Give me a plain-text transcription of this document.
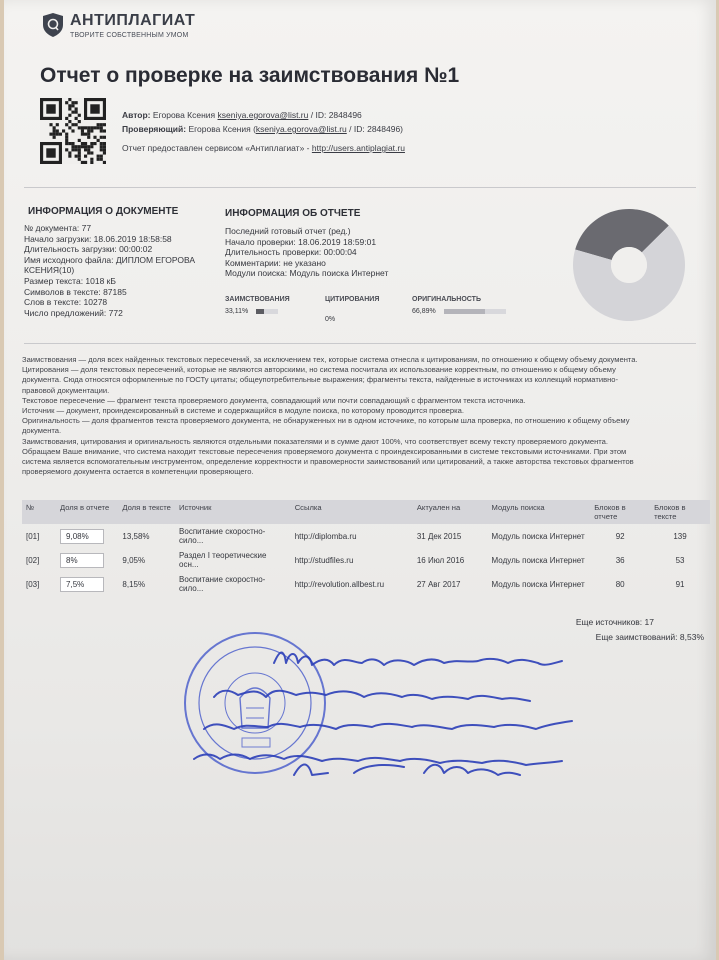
АНТИПЛАГИАТ
ТВОРИТЕ СОБСТВЕННЫМ УМОМ
Отчет о проверке на заимствования №1
Автор: Егорова Ксения kseniya.egorova@list.ru / ID: 2848496
Проверяющий: Егорова Ксения (kseniya.egorova@list.ru / ID: 2848496)
Отчет предоставлен сервисом «Антиплагиат» - http://users.antiplagiat.ru
ИНФОРМАЦИЯ О ДОКУМЕНТЕ
№ документа: 77
Начало загрузки: 18.06.2019 18:58:58
Длительность загрузки: 00:00:02
Имя исходного файла: ДИПЛОМ ЕГОРОВА
КСЕНИЯ(10)
Размер текста: 1018 кБ
Символов в тексте: 87185
Слов в тексте: 10278
Число предложений: 772
ИНФОРМАЦИЯ ОБ ОТЧЕТЕ
Последний готовый отчет (ред.)
Начало проверки: 18.06.2019 18:59:01
Длительность проверки: 00:00:04
Комментарии: не указано
Модули поиска: Модуль поиска Интернет
ЗАИМСТВОВАНИЯ
33,11%
ЦИТИРОВАНИЯ
0%
ОРИГИНАЛЬНОСТЬ
66,89%
Заимствования — доля всех найденных текстовых пересечений, за исключением тех, которые система отнесла к цитированиям, по отношению к общему объему документа.
Цитирования — доля текстовых пересечений, которые не являются авторскими, но система посчитала их использование корректным, по отношению к общему объему
документа. Сюда относятся оформленные по ГОСТу цитаты; общеупотребительные выражения; фрагменты текста, найденные в источниках из коллекций нормативно-
правовой документации.
Текстовое пересечение — фрагмент текста проверяемого документа, совпадающий или почти совпадающий с фрагментом текста источника.
Источник — документ, проиндексированный в системе и содержащийся в модуле поиска, по которому проводится проверка.
Оригинальность — доля фрагментов текста проверяемого документа, не обнаруженных ни в одном источнике, по которым шла проверка, по отношению к общему объему
документа.
Заимствования, цитирования и оригинальность являются отдельными показателями и в сумме дают 100%, что соответствует всему тексту проверяемого документа.
Обращаем Ваше внимание, что система находит текстовые пересечения проверяемого документа с проиндексированными в системе текстовыми источниками. При этом
система является вспомогательным инструментом, определение корректности и правомерности заимствований или цитирований, а также авторства текстовых фрагментов
проверяемого документа остается в компетенции проверяющего.
№	Доля в отчете	Доля в тексте	Источник	Ссылка	Актуален на	Модуль поиска	Блоков в отчете	Блоков в тексте
[01]	9,08%	13,58%	Воспитание скоростно-сило...	http://diplomba.ru	31 Дек 2015	Модуль поиска Интернет	92	139
[02]	8%	9,05%	Раздел I теоретические осн...	http://studfiles.ru	16 Июл 2016	Модуль поиска Интернет	36	53
[03]	7,5%	8,15%	Воспитание скоростно-сило...	http://revolution.allbest.ru	27 Авг 2017	Модуль поиска Интернет	80	91
Еще источников: 17
Еще заимствований: 8,53%
